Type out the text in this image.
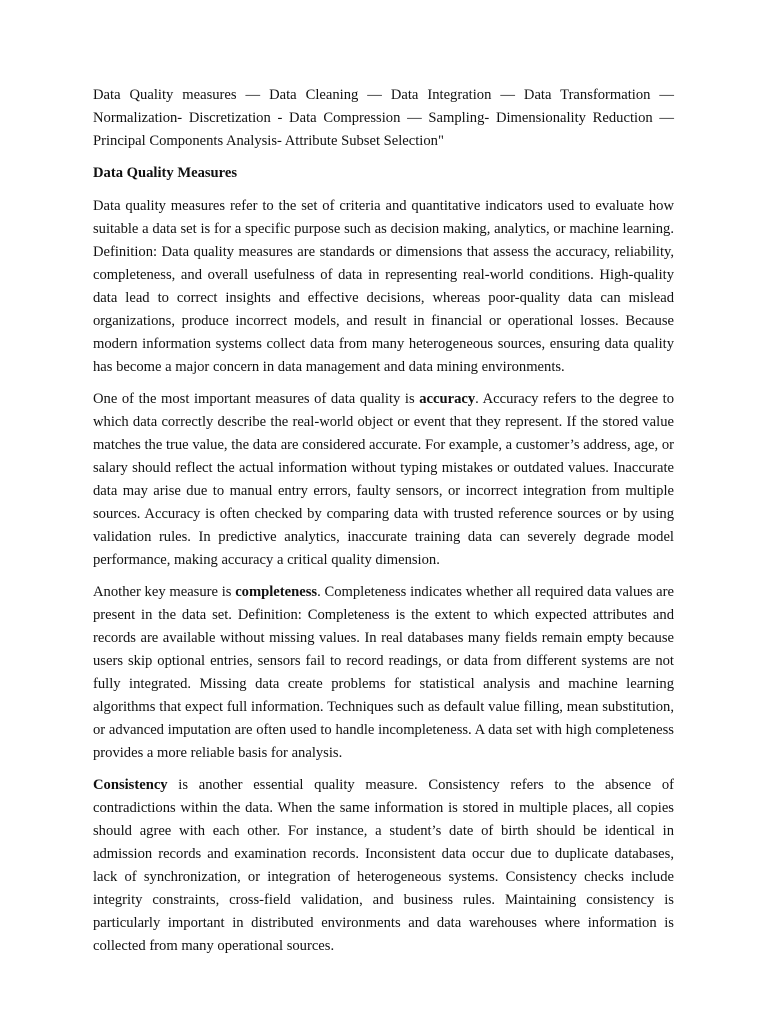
Data Quality measures — Data Cleaning — Data Integration — Data Transformation — Normalization- Discretization - Data Compression — Sampling- Dimensionality Reduction — Principal Components Analysis- Attribute Subset Selection"

Data Quality Measures

Data quality measures refer to the set of criteria and quantitative indicators used to evaluate how suitable a data set is for a specific purpose such as decision making, analytics, or machine learning. Definition: Data quality measures are standards or dimensions that assess the accuracy, reliability, completeness, and overall usefulness of data in representing real-world conditions. High-quality data lead to correct insights and effective decisions, whereas poor-quality data can mislead organizations, produce incorrect models, and result in financial or operational losses. Because modern information systems collect data from many heterogeneous sources, ensuring data quality has become a major concern in data management and data mining environments.

One of the most important measures of data quality is accuracy. Accuracy refers to the degree to which data correctly describe the real-world object or event that they represent. If the stored value matches the true value, the data are considered accurate. For example, a customer’s address, age, or salary should reflect the actual information without typing mistakes or outdated values. Inaccurate data may arise due to manual entry errors, faulty sensors, or incorrect integration from multiple sources. Accuracy is often checked by comparing data with trusted reference sources or by using validation rules. In predictive analytics, inaccurate training data can severely degrade model performance, making accuracy a critical quality dimension.

Another key measure is completeness. Completeness indicates whether all required data values are present in the data set. Definition: Completeness is the extent to which expected attributes and records are available without missing values. In real databases many fields remain empty because users skip optional entries, sensors fail to record readings, or data from different systems are not fully integrated. Missing data create problems for statistical analysis and machine learning algorithms that expect full information. Techniques such as default value filling, mean substitution, or advanced imputation are often used to handle incompleteness. A data set with high completeness provides a more reliable basis for analysis.

Consistency is another essential quality measure. Consistency refers to the absence of contradictions within the data. When the same information is stored in multiple places, all copies should agree with each other. For instance, a student’s date of birth should be identical in admission records and examination records. Inconsistent data occur due to duplicate databases, lack of synchronization, or integration of heterogeneous systems. Consistency checks include integrity constraints, cross-field validation, and business rules. Maintaining consistency is particularly important in distributed environments and data warehouses where information is collected from many operational sources.
